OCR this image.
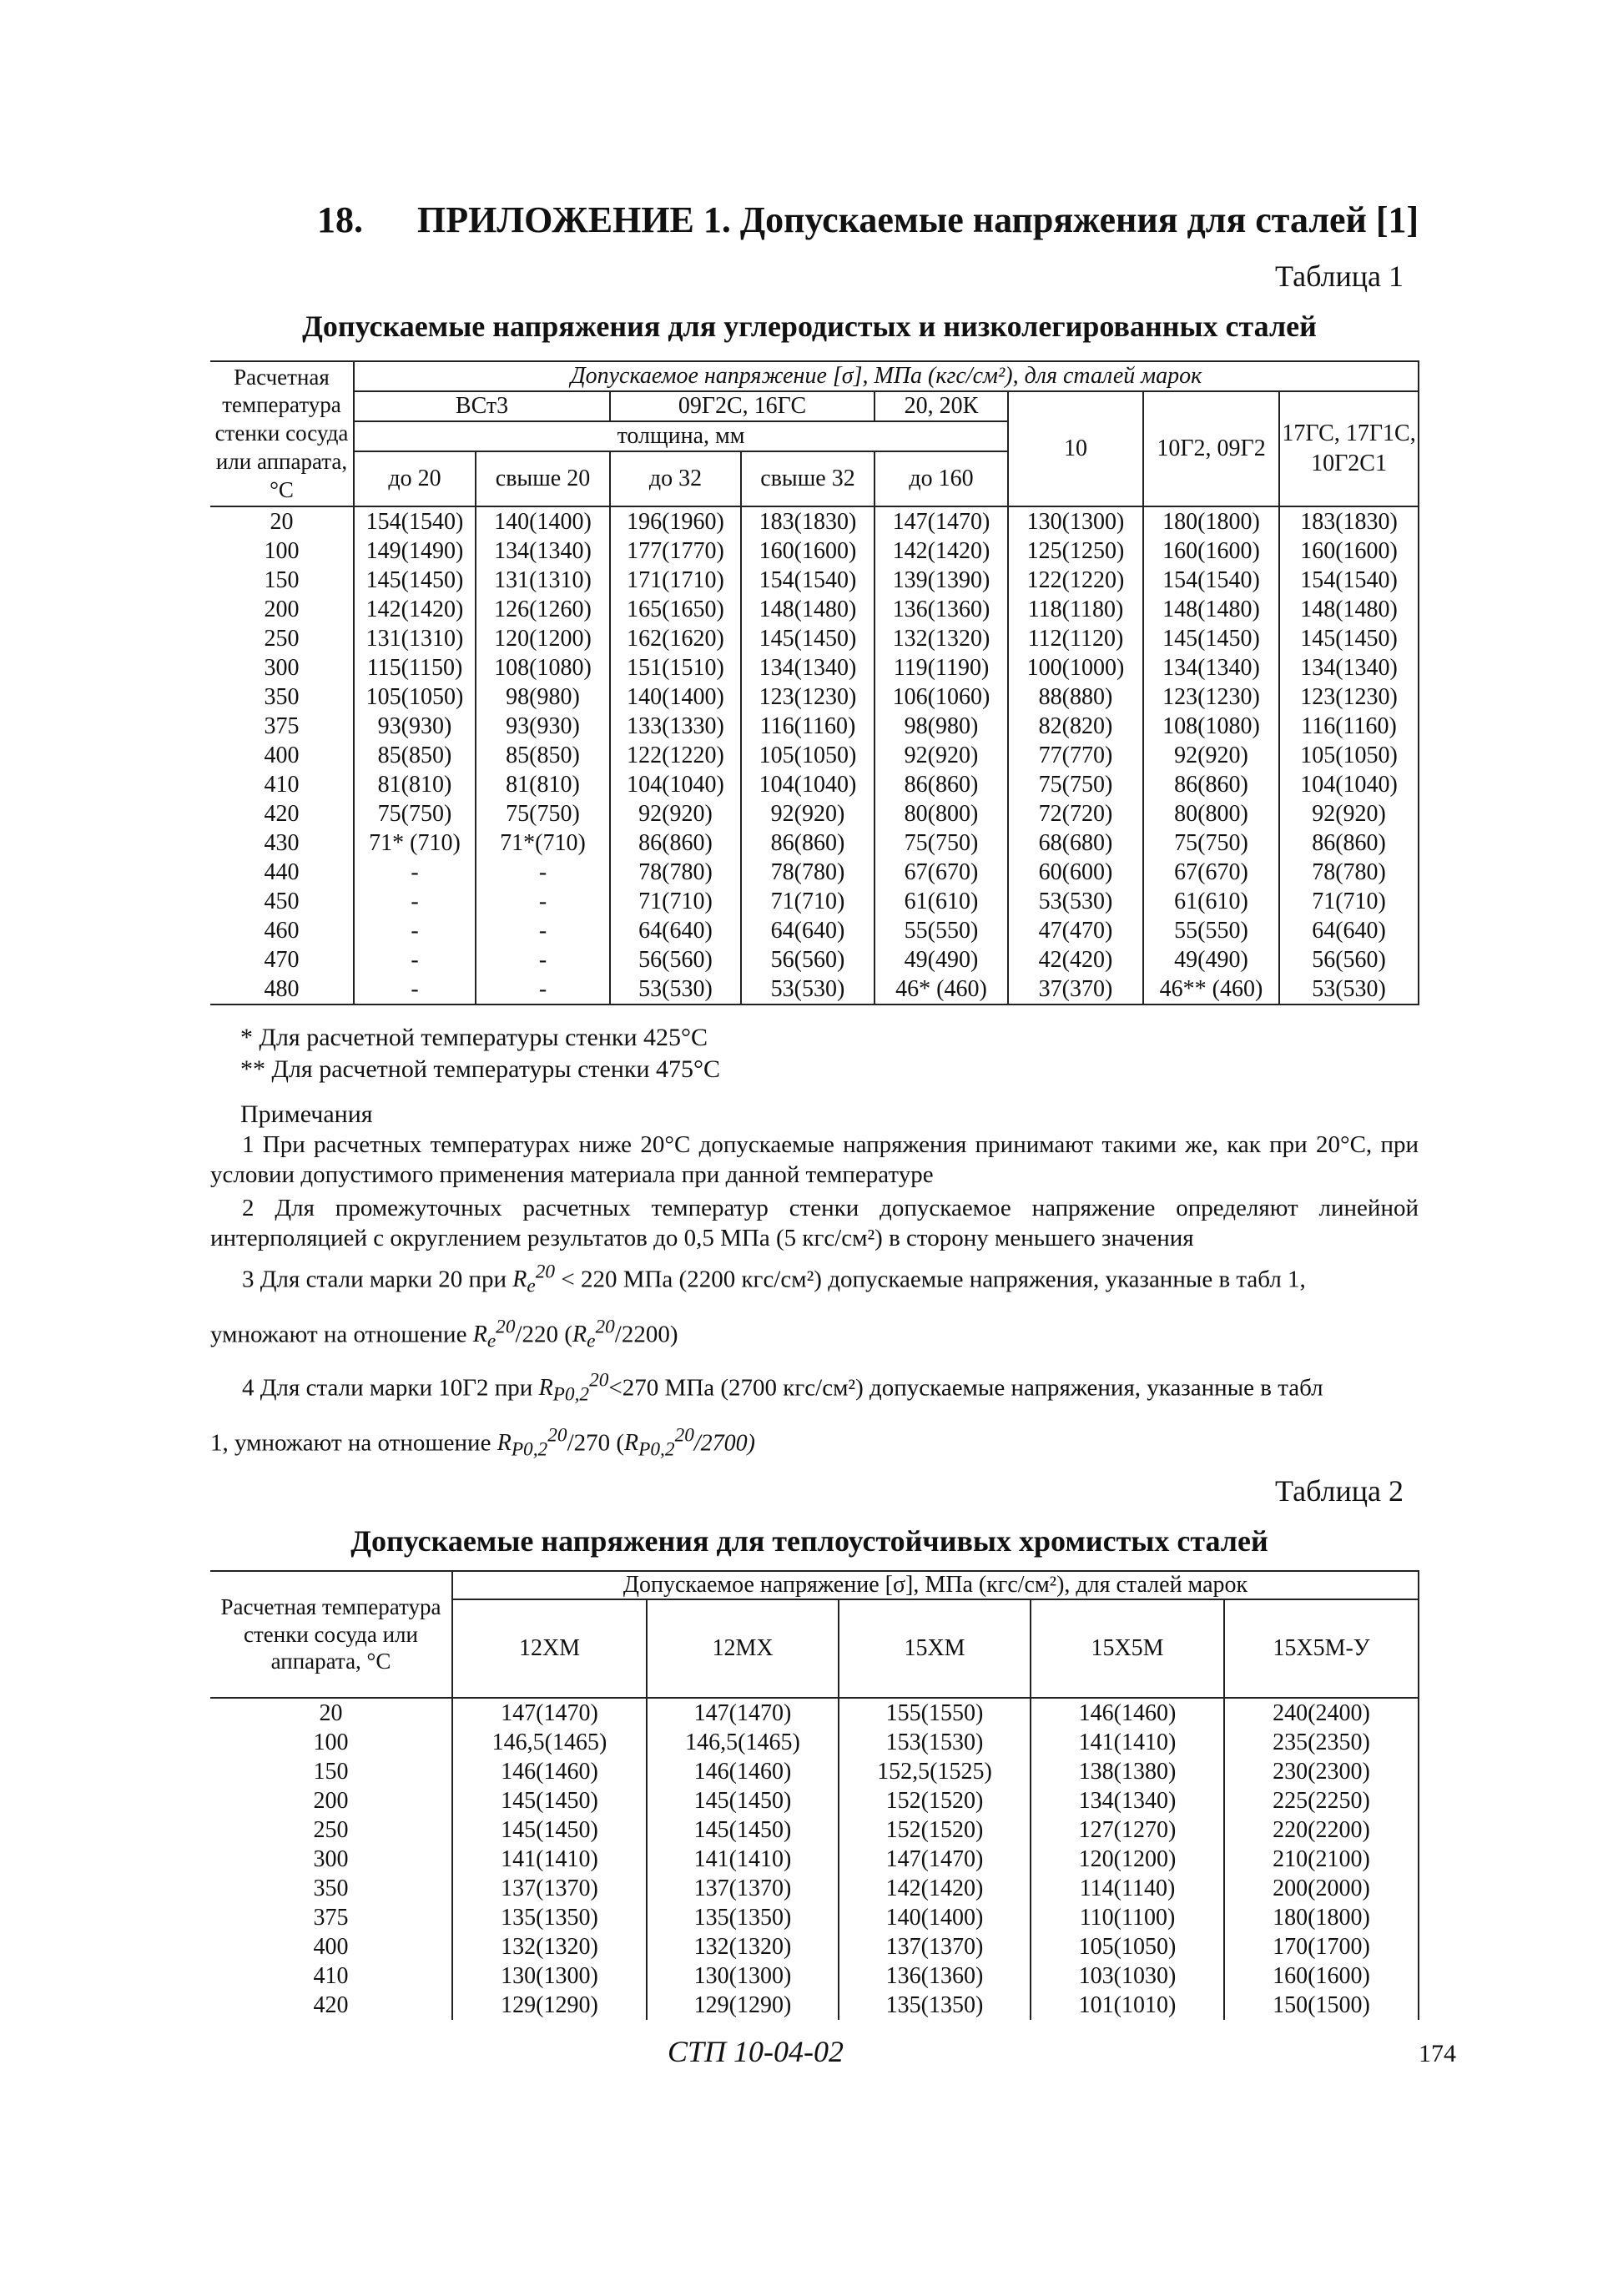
18. ПРИЛОЖЕНИЕ 1. Допускаемые напряжения для сталей [1]
Таблица 1
Допускаемые напряжения для углеродистых и низколегированных сталей
Расчетная температура стенки сосуда или аппарата, °С	Допускаемое напряжение [σ], МПа (кгс/см²), для сталей марок							
	ВСт3		09Г2С, 16ГС		20, 20К	10	10Г2, 09Г2	17ГС, 17Г1С, 10Г2С1
	толщина, мм							
	до 20	свыше 20	до 32	свыше 32	до 160			
20	154(1540)	140(1400)	196(1960)	183(1830)	147(1470)	130(1300)	180(1800)	183(1830)
100	149(1490)	134(1340)	177(1770)	160(1600)	142(1420)	125(1250)	160(1600)	160(1600)
150	145(1450)	131(1310)	171(1710)	154(1540)	139(1390)	122(1220)	154(1540)	154(1540)
200	142(1420)	126(1260)	165(1650)	148(1480)	136(1360)	118(1180)	148(1480)	148(1480)
250	131(1310)	120(1200)	162(1620)	145(1450)	132(1320)	112(1120)	145(1450)	145(1450)
300	115(1150)	108(1080)	151(1510)	134(1340)	119(1190)	100(1000)	134(1340)	134(1340)
350	105(1050)	98(980)	140(1400)	123(1230)	106(1060)	88(880)	123(1230)	123(1230)
375	93(930)	93(930)	133(1330)	116(1160)	98(980)	82(820)	108(1080)	116(1160)
400	85(850)	85(850)	122(1220)	105(1050)	92(920)	77(770)	92(920)	105(1050)
410	81(810)	81(810)	104(1040)	104(1040)	86(860)	75(750)	86(860)	104(1040)
420	75(750)	75(750)	92(920)	92(920)	80(800)	72(720)	80(800)	92(920)
430	71* (710)	71*(710)	86(860)	86(860)	75(750)	68(680)	75(750)	86(860)
440	-	-	78(780)	78(780)	67(670)	60(600)	67(670)	78(780)
450	-	-	71(710)	71(710)	61(610)	53(530)	61(610)	71(710)
460	-	-	64(640)	64(640)	55(550)	47(470)	55(550)	64(640)
470	-	-	56(560)	56(560)	49(490)	42(420)	49(490)	56(560)
480	-	-	53(530)	53(530)	46* (460)	37(370)	46** (460)	53(530)
* Для расчетной температуры стенки 425°С
** Для расчетной температуры стенки 475°С
Примечания
1 При расчетных температурах ниже 20°С допускаемые напряжения принимают такими же, как при 20°С, при условии допустимого применения материала при данной температуре
2 Для промежуточных расчетных температур стенки допускаемое напряжение определяют линейной интерполяцией с округлением результатов до 0,5 МПа (5 кгс/см²) в сторону меньшего значения
3 Для стали марки 20 при $R_e^{20} < 220$ МПа (2200 кгс/см²) допускаемые напряжения, указанные в табл 1,
умножают на отношение $R_e^{20}/220$ $(R_e^{20}/2200)$
4 Для стали марки 10Г2 при $R_{P0,2}^{20}<270$ МПа (2700 кгс/см²) допускаемые напряжения, указанные в табл
1, умножают на отношение $R_{P0,2}^{20}/270$ $(R_{P0,2}^{20}/2700)$
Таблица 2
Допускаемые напряжения для теплоустойчивых хромистых сталей
Расчетная температура стенки сосуда или аппарата, °С	Допускаемое напряжение [σ], МПа (кгс/см²), для сталей марок				
	12ХМ	12МХ	15ХМ	15Х5М	15Х5М-У
20	147(1470)	147(1470)	155(1550)	146(1460)	240(2400)
100	146,5(1465)	146,5(1465)	153(1530)	141(1410)	235(2350)
150	146(1460)	146(1460)	152,5(1525)	138(1380)	230(2300)
200	145(1450)	145(1450)	152(1520)	134(1340)	225(2250)
250	145(1450)	145(1450)	152(1520)	127(1270)	220(2200)
300	141(1410)	141(1410)	147(1470)	120(1200)	210(2100)
350	137(1370)	137(1370)	142(1420)	114(1140)	200(2000)
375	135(1350)	135(1350)	140(1400)	110(1100)	180(1800)
400	132(1320)	132(1320)	137(1370)	105(1050)	170(1700)
410	130(1300)	130(1300)	136(1360)	103(1030)	160(1600)
420	129(1290)	129(1290)	135(1350)	101(1010)	150(1500)
СТП 10-04-02	174
